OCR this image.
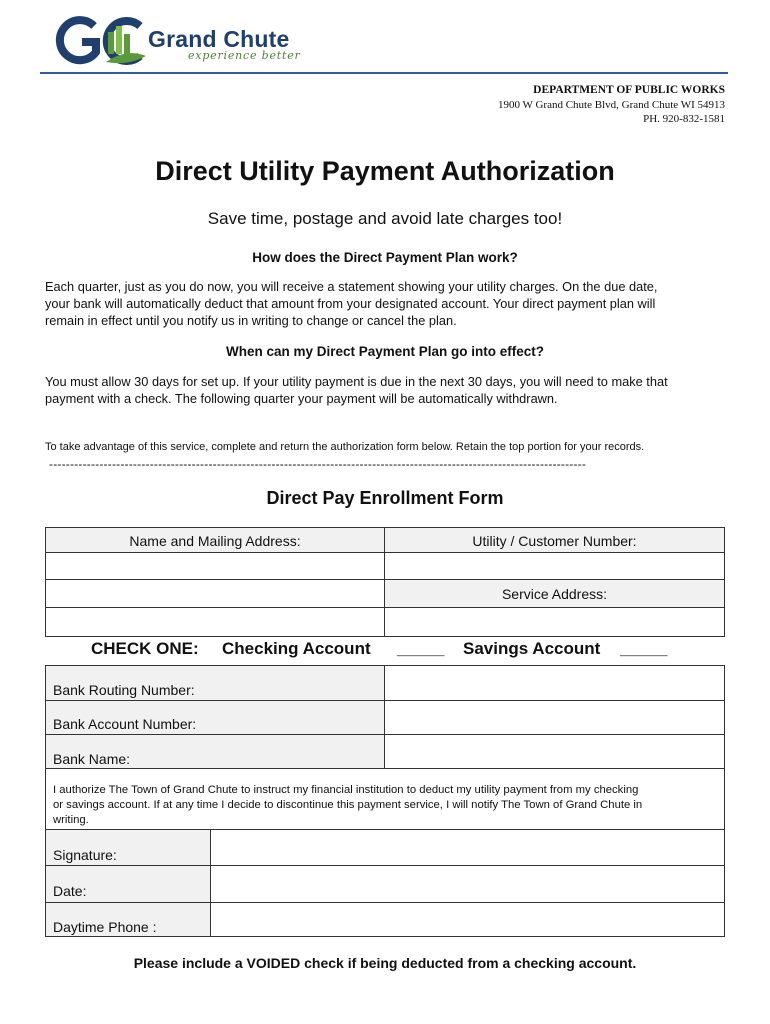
Grand Chute
experience better
DEPARTMENT OF PUBLIC WORKS
1900 W Grand Chute Blvd, Grand Chute WI 54913
PH. 920-832-1581
Direct Utility Payment Authorization
Save time, postage and avoid late charges too!
How does the Direct Payment Plan work?
Each quarter, just as you do now, you will receive a statement showing your utility charges. On the due date,
your bank will automatically deduct that amount from your designated account. Your direct payment plan will
remain in effect until you notify us in writing to change or cancel the plan.
When can my Direct Payment Plan go into effect?
You must allow 30 days for set up. If your utility payment is due in the next 30 days, you will need to make that
payment with a check. The following quarter your payment will be automatically withdrawn.
To take advantage of this service, complete and return the authorization form below. Retain the top portion for your records.
--------------------------------------------------------------------------------------------------------------------------------
Direct Pay Enrollment Form
Name and Mailing Address:	Utility / Customer Number:
Service Address:
CHECK ONE: Checking Account _____ Savings Account _____
Bank Routing Number:
Bank Account Number:
Bank Name:
I authorize The Town of Grand Chute to instruct my financial institution to deduct my utility payment from my checking
or savings account. If at any time I decide to discontinue this payment service, I will notify The Town of Grand Chute in
writing.
Signature:
Date:
Daytime Phone :
Please include a VOIDED check if being deducted from a checking account.
